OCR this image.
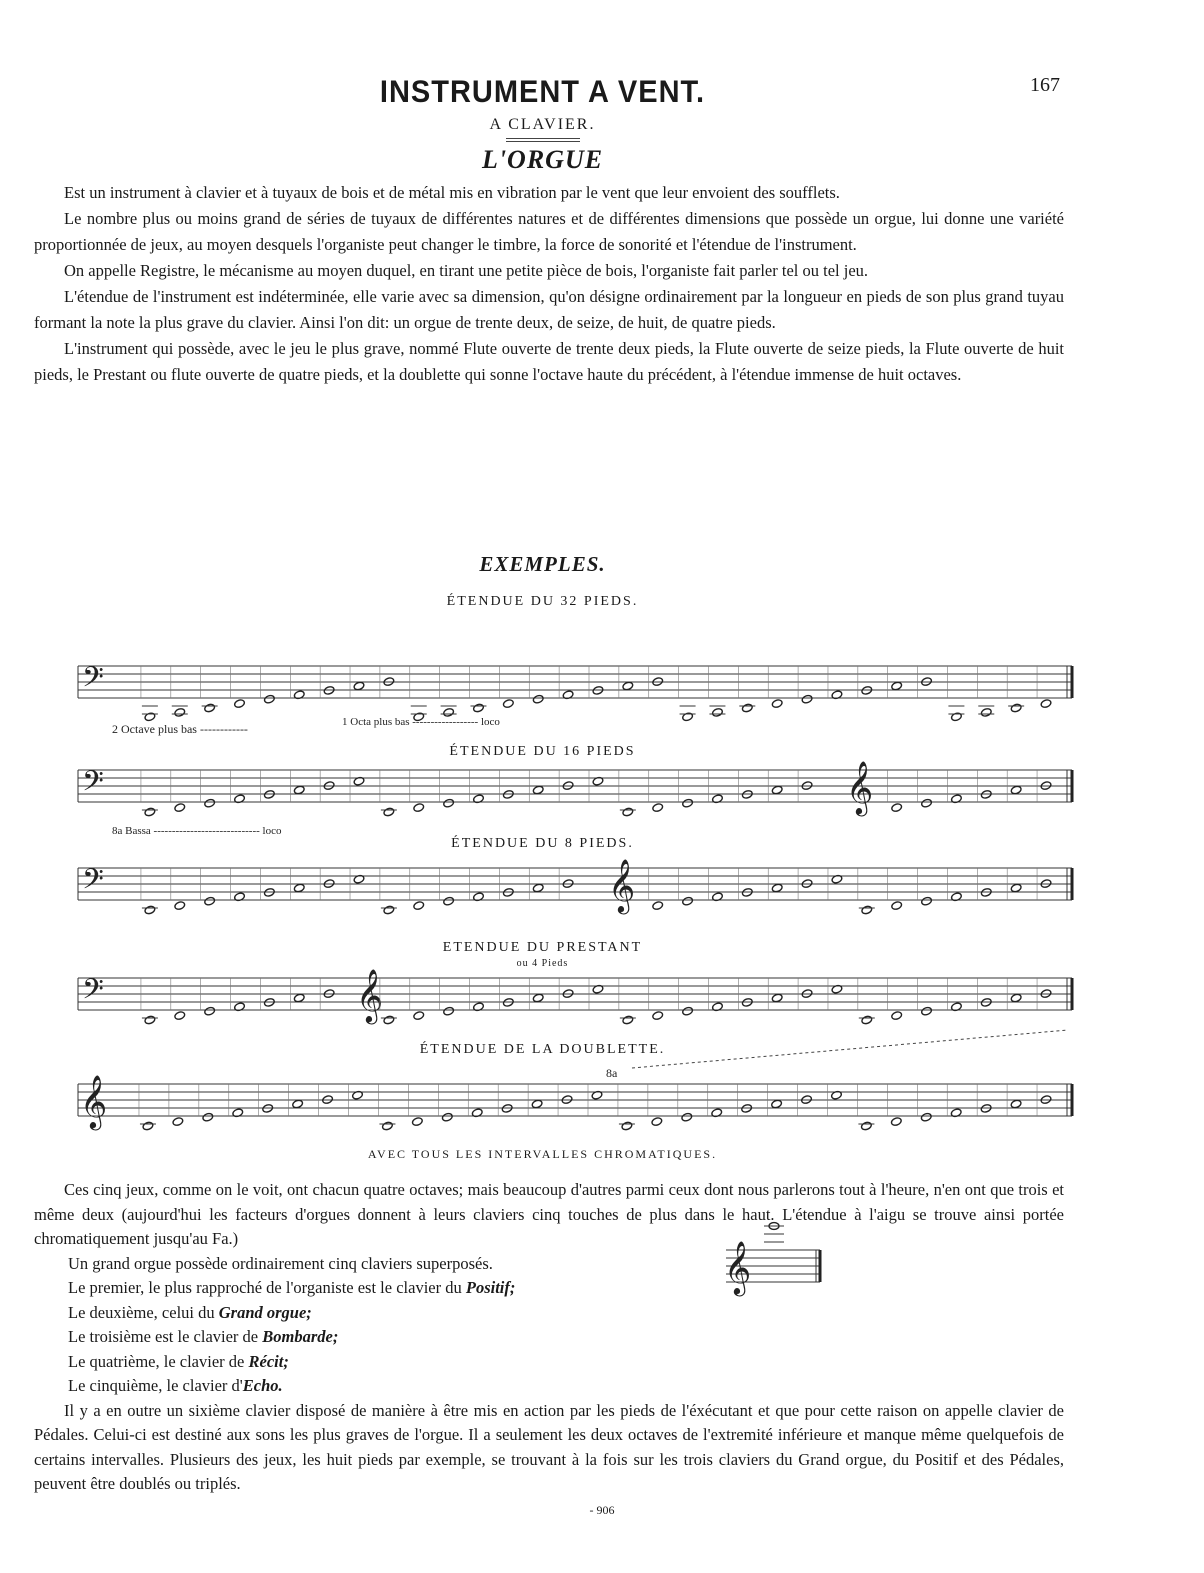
INSTRUMENT A VENT.	167
A CLAVIER.
L'ORGUE

Est un instrument à clavier et à tuyaux de bois et de métal mis en vibration par le vent que leur envoient des soufflets.

Le nombre plus ou moins grand de séries de tuyaux de différentes natures et de différentes dimensions que possède un orgue, lui donne une variété proportionnée de jeux, au moyen desquels l'organiste peut changer le timbre, la force de sonorité et l'étendue de l'instrument.

On appelle Registre, le mécanisme au moyen duquel, en tirant une petite pièce de bois, l'organiste fait parler tel ou tel jeu.

L'étendue de l'instrument est indéterminée, elle varie avec sa dimension, qu'on désigne ordinairement par la longueur en pieds de son plus grand tuyau formant la note la plus grave du clavier. Ainsi l'on dit: un orgue de trente deux, de seize, de huit, de quatre pieds.

L'instrument qui possède, avec le jeu le plus grave, nommé Flute ouverte de trente deux pieds, la Flute ouverte de seize pieds, la Flute ouverte de huit pieds, le Prestant ou flute ouverte de quatre pieds, et la doublette qui sonne l'octave haute du précédent, à l'étendue immense de huit octaves.

EXEMPLES.
ÉTENDUE DU 32 PIEDS.
ÉTENDUE DU 16 PIEDS
ÉTENDUE DU 8 PIEDS.
ETENDUE DU PRESTANT
ou 4 Pieds
ÉTENDUE DE LA DOUBLETTE.
2 Octave plus bas ------------	1 Octa plus bas ------------------ loco
8a Bassa ----------------------------- loco
8a
𝄢
𝄢	𝄞
𝄢	𝄞
𝄢	𝄞
𝄞
𝄞
AVEC TOUS LES INTERVALLES CHROMATIQUES.

Ces cinq jeux, comme on le voit, ont chacun quatre octaves; mais beaucoup d'autres parmi ceux dont nous parlerons tout à l'heure, n'en ont que trois et même deux (aujourd'hui les facteurs d'orgues donnent à leurs claviers cinq touches de plus dans le haut. L'étendue à l'aigu se trouve ainsi portée chromatiquement jusqu'au Fa.)

Un grand orgue possède ordinairement cinq claviers superposés.

Le premier, le plus rapproché de l'organiste est le clavier du Positif;

Le deuxième, celui du Grand orgue;

Le troisième est le clavier de Bombarde;

Le quatrième, le clavier de Récit;

Le cinquième, le clavier d'Echo.

Il y a en outre un sixième clavier disposé de manière à être mis en action par les pieds de l'éxécutant et que pour cette raison on appelle clavier de Pédales. Celui-ci est destiné aux sons les plus graves de l'orgue. Il a seulement les deux octaves de l'extremité inférieure et manque même quelquefois de certains intervalles. Plusieurs des jeux, les huit pieds par exemple, se trouvant à la fois sur les trois claviers du Grand orgue, du Positif et des Pédales, peuvent être doublés ou triplés.

- 906
